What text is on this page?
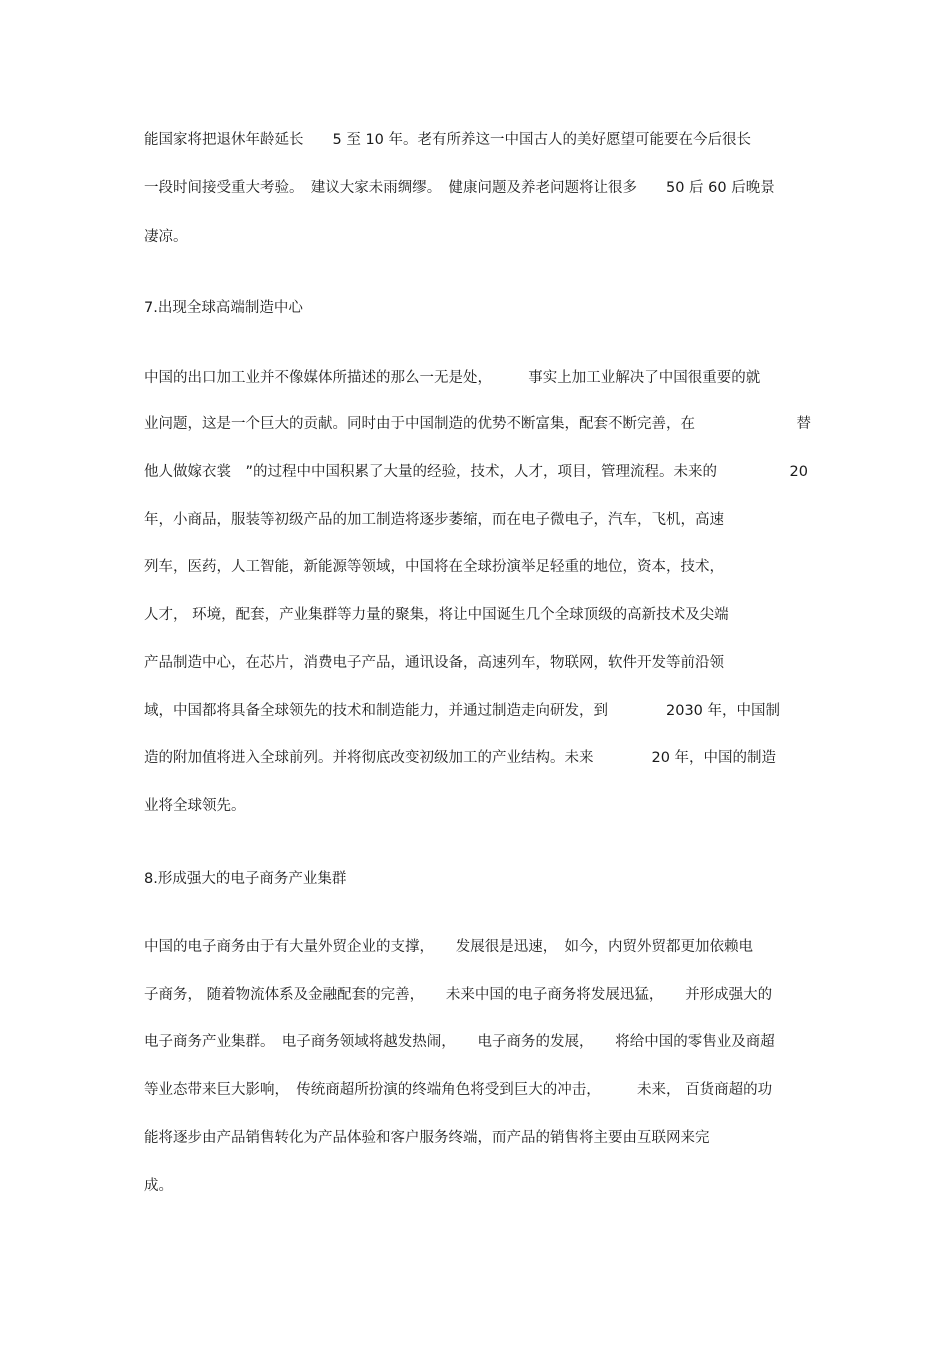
能国家将把退休年龄延长　　5 至 10 年。老有所养这一中国古人的美好愿望可能要在今后很长
一段时间接受重大考验。　建议大家未雨绸缪。　健康问题及养老问题将让很多　　50 后 60 后晚景
凄凉。
7.出现全球高端制造中心
中国的出口加工业并不像媒体所描述的那么一无是处，　　　事实上加工业解决了中国很重要的就
业问题，这是一个巨大的贡献。同时由于中国制造的优势不断富集，配套不断完善，在　　　　　　　替
他人做嫁衣裳　”的过程中中国积累了大量的经验，技术，人才，项目，管理流程。未来的　　　　　20
年，小商品，服装等初级产品的加工制造将逐步萎缩，而在电子微电子，汽车，飞机，高速
列车，医药，人工智能，新能源等领域，中国将在全球扮演举足轻重的地位，资本，技术，
人才， 环境，配套，产业集群等力量的聚集，将让中国诞生几个全球顶级的高新技术及尖端
产品制造中心，在芯片，消费电子产品，通讯设备，高速列车，物联网，软件开发等前沿领
域，中国都将具备全球领先的技术和制造能力，并通过制造走向研发，到　　　　2030 年，中国制
造的附加值将进入全球前列。并将彻底改变初级加工的产业结构。未来　　　　20 年，中国的制造
业将全球领先。
8.形成强大的电子商务产业集群
中国的电子商务由于有大量外贸企业的支撑，　　发展很是迅速，　如今，内贸外贸都更加依赖电
子商务， 随着物流体系及金融配套的完善，　　未来中国的电子商务将发展迅猛，　　并形成强大的
电子商务产业集群。　电子商务领域将越发热闹，　　电子商务的发展，　　将给中国的零售业及商超
等业态带来巨大影响，　传统商超所扮演的终端角色将受到巨大的冲击，　　　未来， 百货商超的功
能将逐步由产品销售转化为产品体验和客户服务终端，而产品的销售将主要由互联网来完
成。
